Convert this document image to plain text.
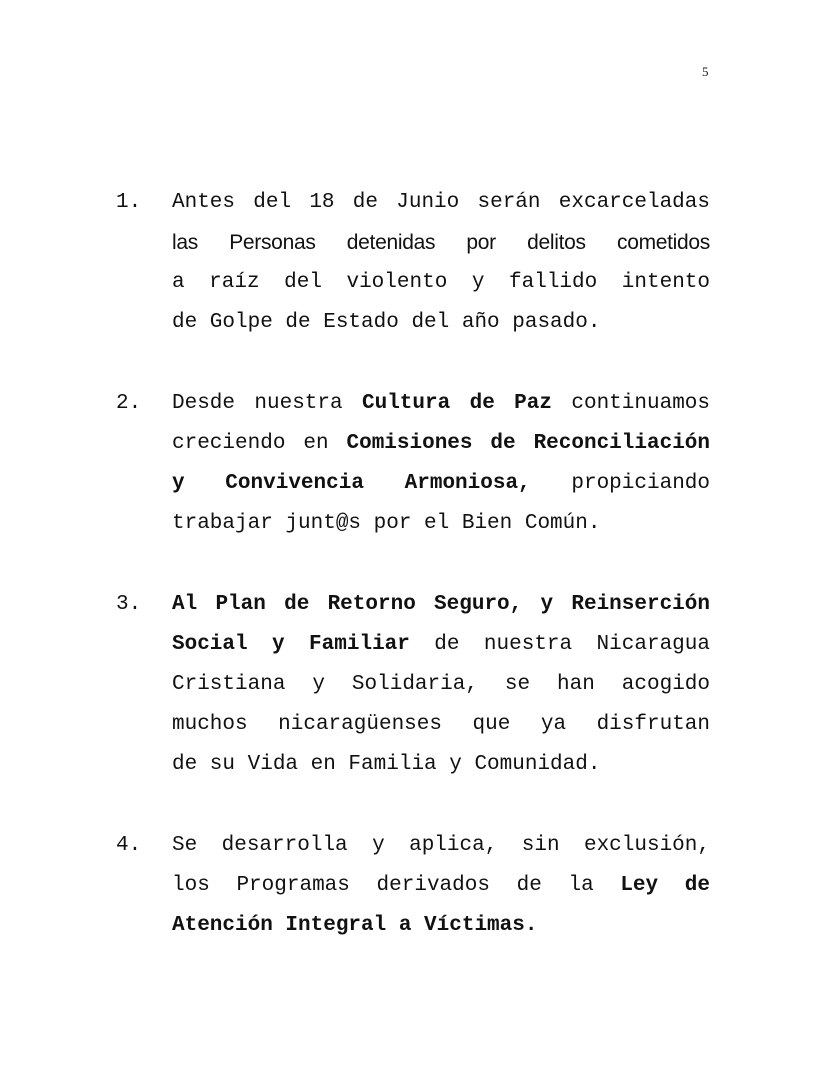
5
1. Antes del 18 de Junio serán excarceladas
las Personas detenidas por delitos cometidos
a raíz del violento y fallido intento
de Golpe de Estado del año pasado.
2. Desde nuestra Cultura de Paz continuamos
creciendo en Comisiones de Reconciliación
y Convivencia Armoniosa, propiciando
trabajar junt@s por el Bien Común.
3. Al Plan de Retorno Seguro, y Reinserción
Social y Familiar de nuestra Nicaragua
Cristiana y Solidaria, se han acogido
muchos nicaragüenses que ya disfrutan
de su Vida en Familia y Comunidad.
4. Se desarrolla y aplica, sin exclusión,
los Programas derivados de la Ley de
Atención Integral a Víctimas.
